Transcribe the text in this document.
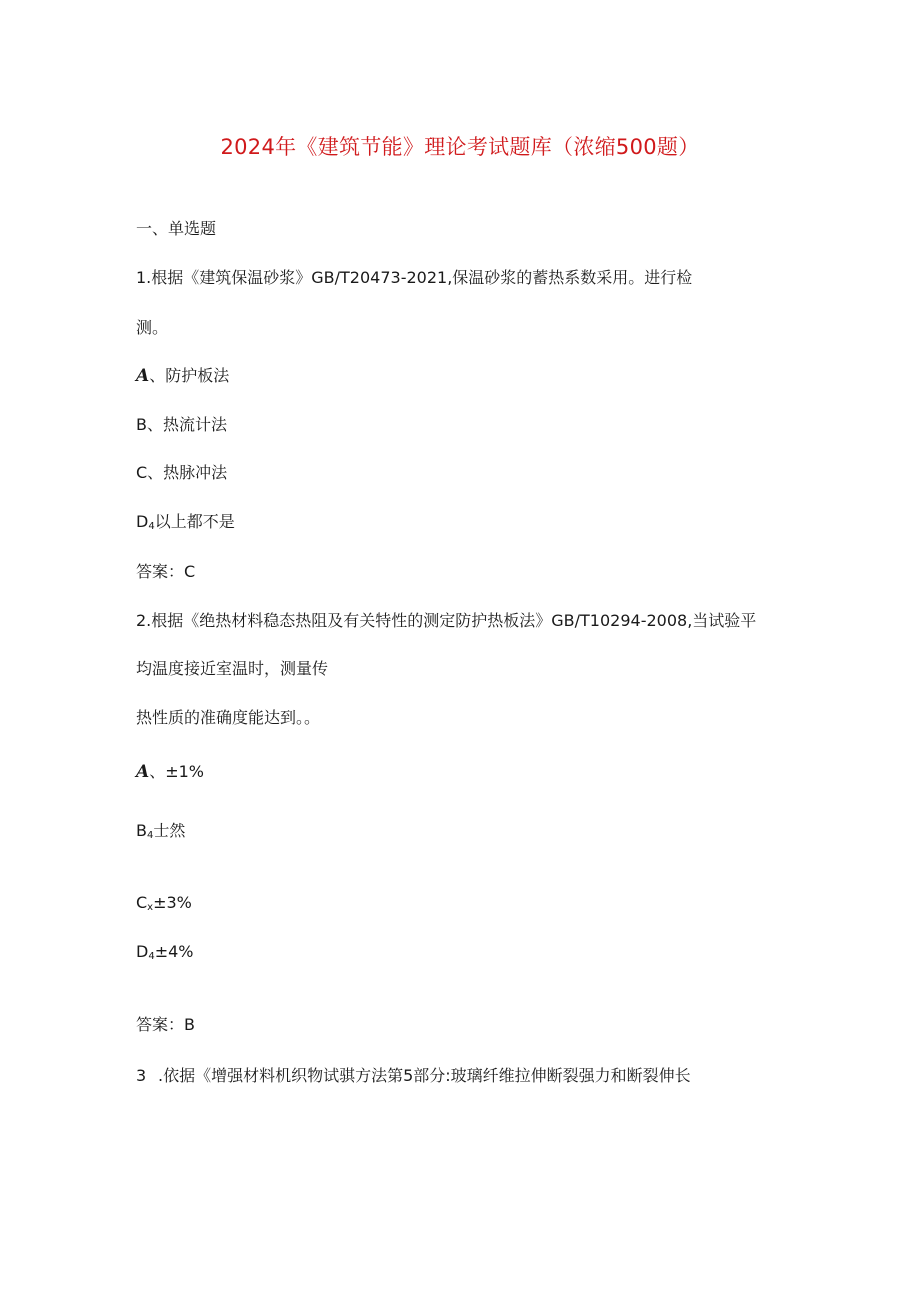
2024年《建筑节能》理论考试题库（浓缩500题）
一、单选题
1.根据《建筑保温砂浆》GB/T20473-2021,保温砂浆的蓄热系数采用。进行检
测。
A、防护板法
B、热流计法
C、热脉冲法
$D_4$以上都不是
答案：C
2.根据《绝热材料稳态热阻及有关特性的测定防护热板法》GB/T10294-2008,当试验平
均温度接近室温时，测量传
热性质的准确度能达到。。
A、±1%
$B_4$士然
$C_x\pm 3\%$
$D_4\pm 4\%$
答案：B
3 .依据《增强材料机织物试骐方法第5部分:玻璃纤维拉伸断裂强力和断裂伸长
